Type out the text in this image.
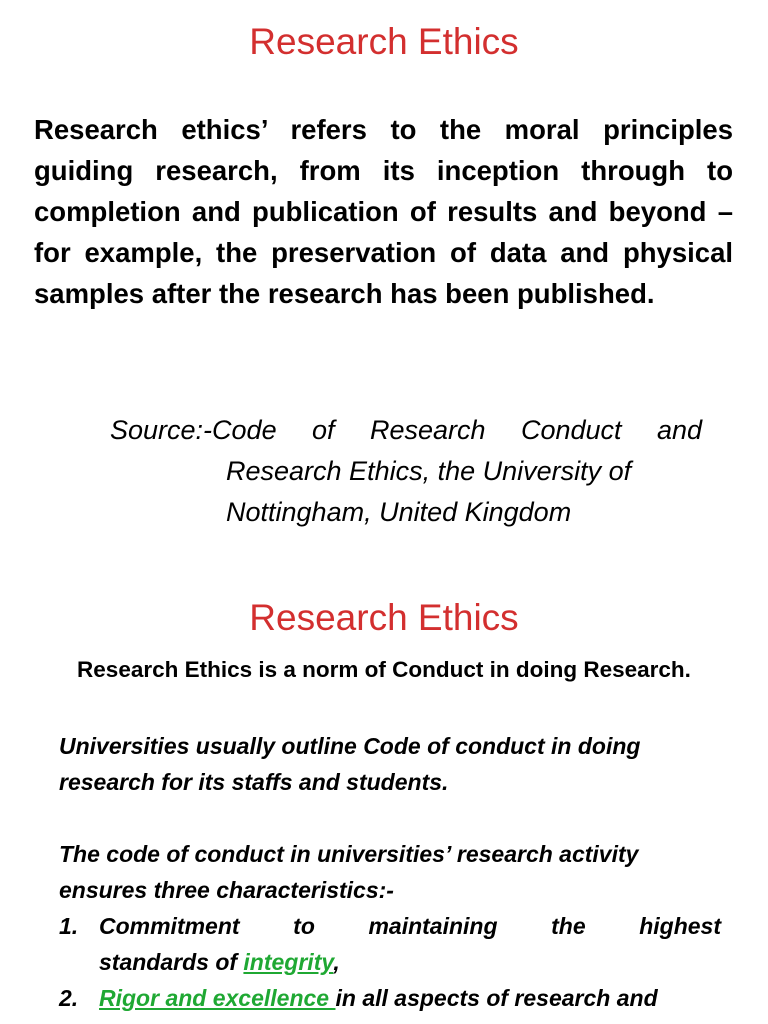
Research Ethics

Research ethics’ refers to the moral principles guiding research, from its inception through to completion and publication of results and beyond – for example, the preservation of data and physical samples after the research has been published.

Source:-Code of Research Conduct and
Research Ethics, the University of
Nottingham, United Kingdom

Research Ethics

Research Ethics is a norm of Conduct in doing Research.

Universities usually outline Code of conduct in doing research for its staffs and students.

The code of conduct in universities’ research activity ensures three characteristics:-

1. Commitment to maintaining the highest
standards of integrity,
2. Rigor and excellence in all aspects of research and
